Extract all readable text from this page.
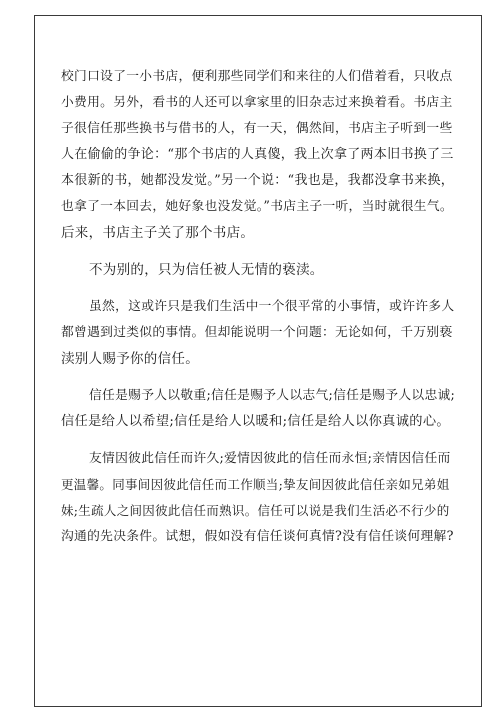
校门口设了一小书店，便利那些同学们和来往的人们借着看，只收点
小费用。另外，看书的人还可以拿家里的旧杂志过来换着看。书店主
子很信任那些换书与借书的人，有一天，偶然间，书店主子听到一些
人在偷偷的争论：“那个书店的人真傻，我上次拿了两本旧书换了三
本很新的书，她都没发觉。”另一个说：“我也是，我都没拿书来换，
也拿了一本回去，她好象也没发觉。”书店主子一听，当时就很生气。
后来，书店主子关了那个书店。
不为别的，只为信任被人无情的亵渎。
虽然，这或许只是我们生活中一个很平常的小事情，或许许多人
都曾遇到过类似的事情。但却能说明一个问题：无论如何，千万别亵
渎别人赐予你的信任。
信任是赐予人以敬重;信任是赐予人以志气;信任是赐予人以忠诚;
信任是给人以希望;信任是给人以暖和;信任是给人以你真诚的心。
友情因彼此信任而许久;爱情因彼此的信任而永恒;亲情因信任而
更温馨。同事间因彼此信任而工作顺当;挚友间因彼此信任亲如兄弟姐
妹;生疏人之间因彼此信任而熟识。信任可以说是我们生活必不行少的
沟通的先决条件。试想，假如没有信任谈何真情?没有信任谈何理解?
